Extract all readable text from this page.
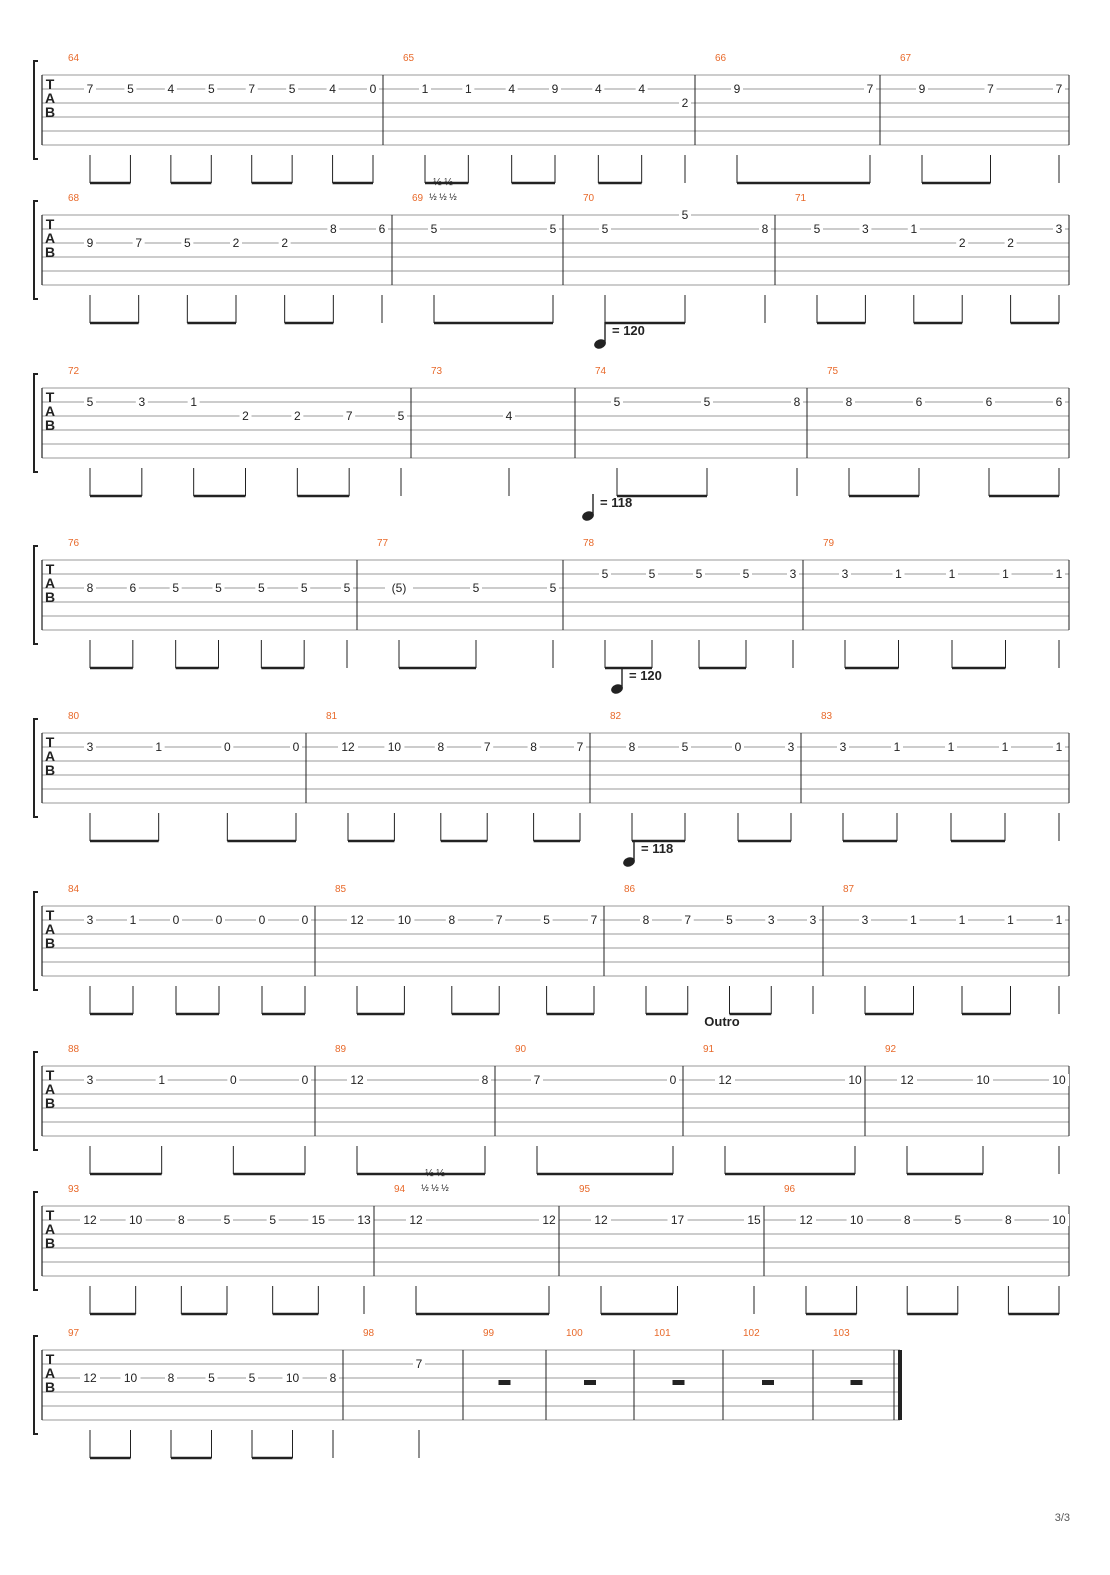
T
A
B
64
7	5	4	5	7	5	4	0
65
1	1	4	9	4	4
2
66
9	7
67
9	7	7
T
A
B
68
9	7	5	2	2
8	6
69
5	5
70
5
5
8
71
5	3	1
2	2
3
½ ½
½ ½ ½
T
A
B
72
5	3	1
2	2	7	5
73
4
74
5	5	8
75
8	6	6	6
= 120
T
A
B
76
8	6	5	5	5	5	5
77
(5)	5	5
78
5	5	5	5	3
79
3	1	1	1	1
= 118
T
A
B
80
3	1	0	0
81
12	10	8	7	8	7
82
8	5	0	3
83
3	1	1	1	1
= 120
T
A
B
84
3	1	0	0	0	0
85
12	10	8	7	5	7
86
8	7	5	3	3
87
3	1	1	1	1
= 118
T
A
B
88
3	1	0	0
89
12	8
90
7	0
91
12	10
92
12	10	10
Outro
T
A
B
93
12	10	8	5	5	15	13
94
12	12
95
12	17	15
96
12	10	8	5	8	10
½ ½
½ ½ ½
T
A
B
97
12 10	8	5	5	10	8
98
7
99	100	101	102	103
3/3
